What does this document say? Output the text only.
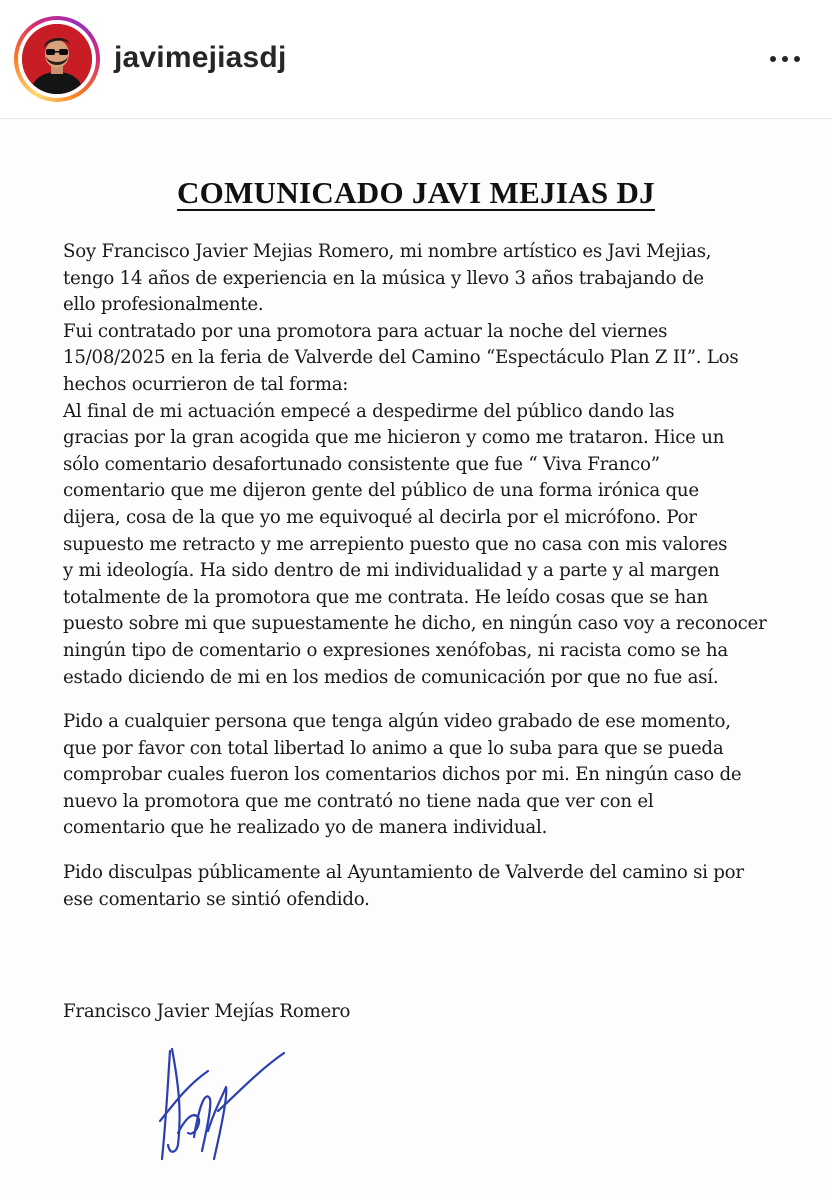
javimejiasdj
COMUNICADO JAVI MEJIAS DJ
Soy Francisco Javier Mejias Romero, mi nombre artístico es Javi Mejias,
tengo 14 años de experiencia en la música y llevo 3 años trabajando de
ello profesionalmente.
Fui contratado por una promotora para actuar la noche del viernes
15/08/2025 en la feria de Valverde del Camino “Espectáculo Plan Z II”. Los
hechos ocurrieron de tal forma:
Al final de mi actuación empecé a despedirme del público dando las
gracias por la gran acogida que me hicieron y como me trataron. Hice un
sólo comentario desafortunado consistente que fue “ Viva Franco”
comentario que me dijeron gente del público de una forma irónica que
dijera, cosa de la que yo me equivoqué al decirla por el micrófono. Por
supuesto me retracto y me arrepiento puesto que no casa con mis valores
y mi ideología. Ha sido dentro de mi individualidad y a parte y al margen
totalmente de la promotora que me contrata. He leído cosas que se han
puesto sobre mi que supuestamente he dicho, en ningún caso voy a reconocer
ningún tipo de comentario o expresiones xenófobas, ni racista como se ha
estado diciendo de mi en los medios de comunicación por que no fue así.
Pido a cualquier persona que tenga algún video grabado de ese momento,
que por favor con total libertad lo animo a que lo suba para que se pueda
comprobar cuales fueron los comentarios dichos por mi. En ningún caso de
nuevo la promotora que me contrató no tiene nada que ver con el
comentario que he realizado yo de manera individual.
Pido disculpas públicamente al Ayuntamiento de Valverde del camino si por
ese comentario se sintió ofendido.
Francisco Javier Mejías Romero
